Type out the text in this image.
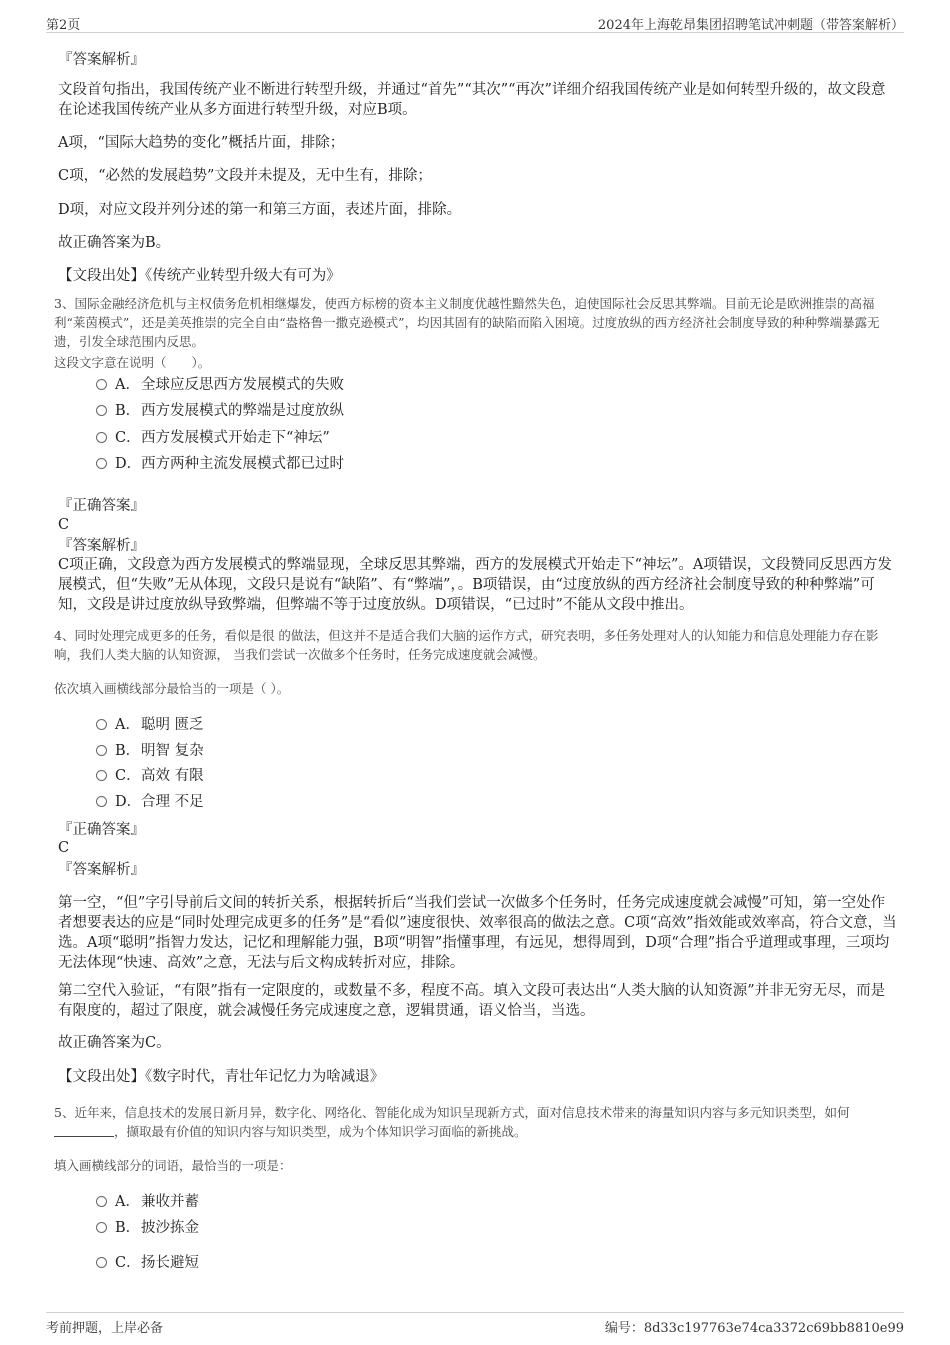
第2页	2024年上海乾昂集团招聘笔试冲刺题（带答案解析）
『答案解析』
文段首句指出，我国传统产业不断进行转型升级，并通过“首先”“其次”“再次”详细介绍我国传统产业是如何转型升级的，故文段意在论述我国传统产业从多方面进行转型升级，对应B项。
A项，“国际大趋势的变化”概括片面，排除；
C项，“必然的发展趋势”文段并未提及，无中生有，排除；
D项，对应文段并列分述的第一和第三方面，表述片面，排除。
故正确答案为B。
【文段出处】《传统产业转型升级大有可为》
3、国际金融经济危机与主权债务危机相继爆发，使西方标榜的资本主义制度优越性黯然失色，迫使国际社会反思其弊端。目前无论是欧洲推崇的高福利“莱茵模式”，还是美英推崇的完全自由“盎格鲁一撒克逊模式”，均因其固有的缺陷而陷入困境。过度放纵的西方经济社会制度导致的种种弊端暴露无遗，引发全球范围内反思。
这段文字意在说明（　　）。
A．全球应反思西方发展模式的失败
B．西方发展模式的弊端是过度放纵
C．西方发展模式开始走下“神坛”
D．西方两种主流发展模式都已过时
『正确答案』
C
『答案解析』
C项正确，文段意为西方发展模式的弊端显现，全球反思其弊端，西方的发展模式开始走下“神坛”。A项错误，文段赞同反思西方发展模式，但“失败”无从体现，文段只是说有“缺陷”、有“弊端”，。B项错误，由“过度放纵的西方经济社会制度导致的种种弊端”可知，文段是讲过度放纵导致弊端，但弊端不等于过度放纵。D项错误，“已过时”不能从文段中推出。
4、同时处理完成更多的任务，看似是很 的做法，但这并不是适合我们大脑的运作方式，研究表明，多任务处理对人的认知能力和信息处理能力存在影响，我们人类大脑的认知资源， 当我们尝试一次做多个任务时，任务完成速度就会减慢。
依次填入画横线部分最恰当的一项是（ ）。
A．聪明 匮乏
B．明智 复杂
C．高效 有限
D．合理 不足
『正确答案』
C
『答案解析』
第一空，“但”字引导前后文间的转折关系，根据转折后“当我们尝试一次做多个任务时，任务完成速度就会减慢”可知，第一空处作者想要表达的应是“同时处理完成更多的任务”是“看似”速度很快、效率很高的做法之意。C项“高效”指效能或效率高，符合文意，当选。A项“聪明”指智力发达，记忆和理解能力强，B项“明智”指懂事理，有远见，想得周到，D项“合理”指合乎道理或事理，三项均无法体现“快速、高效”之意，无法与后文构成转折对应，排除。
第二空代入验证，“有限”指有一定限度的，或数量不多，程度不高。填入文段可表达出“人类大脑的认知资源”并非无穷无尽，而是有限度的，超过了限度，就会减慢任务完成速度之意，逻辑贯通，语义恰当，当选。
故正确答案为C。
【文段出处】《数字时代，青壮年记忆力为啥减退》
5、近年来，信息技术的发展日新月异，数字化、网络化、智能化成为知识呈现新方式，面对信息技术带来的海量知识内容与多元知识类型，如何，撷取最有价值的知识内容与知识类型，成为个体知识学习面临的新挑战。
填入画横线部分的词语，最恰当的一项是：
A．兼收并蓄
B．披沙拣金
C．扬长避短
考前押题，上岸必备	编号：8d33c197763e74ca3372c69bb8810e99
